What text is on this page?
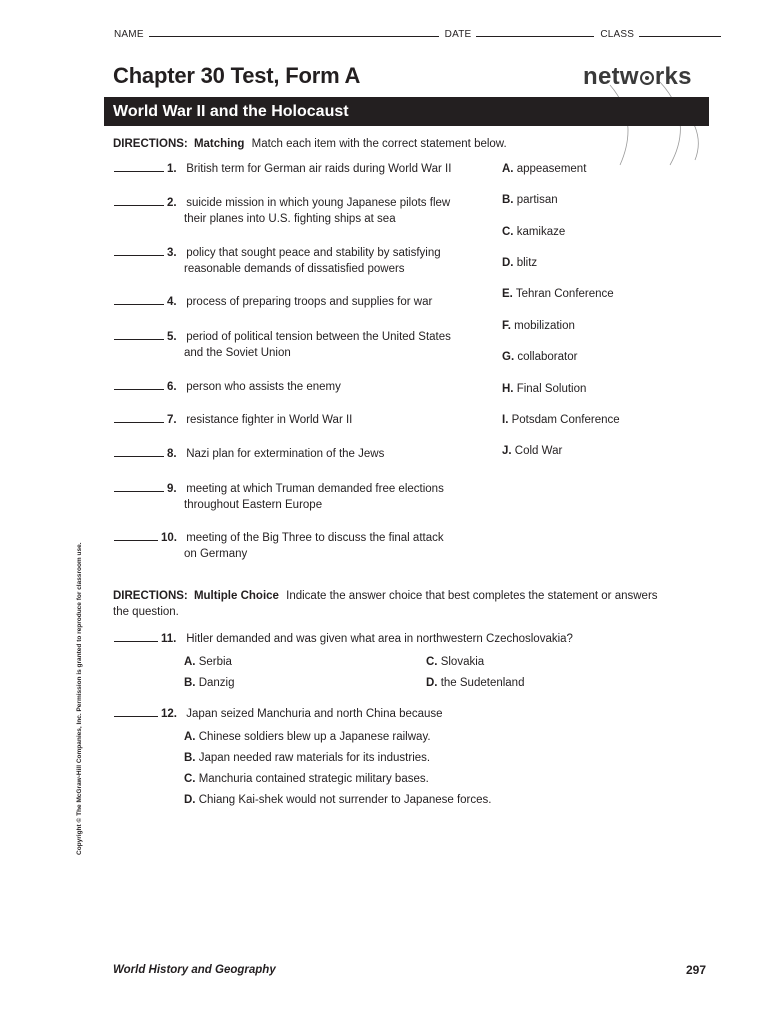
NAME	DATE	CLASS
Chapter 30 Test, Form A	netw rks
World War II and the Holocaust
DIRECTIONS: Matching Match each item with the correct statement below.
1. British term for German air raids during World War II
2. suicide mission in which young Japanese pilots flew
their planes into U.S. fighting ships at sea
3. policy that sought peace and stability by satisfying
reasonable demands of dissatisfied powers
4. process of preparing troops and supplies for war
5. period of political tension between the United States
and the Soviet Union
6. person who assists the enemy
7. resistance fighter in World War II
8. Nazi plan for extermination of the Jews
9. meeting at which Truman demanded free elections
throughout Eastern Europe
10. meeting of the Big Three to discuss the final attack
on Germany
A. appeasement
B. partisan
C. kamikaze
D. blitz
E. Tehran Conference
F. mobilization
G. collaborator
H. Final Solution
I. Potsdam Conference
J. Cold War
DIRECTIONS: Multiple Choice Indicate the answer choice that best completes the statement or answers
the question.
11. Hitler demanded and was given what area in northwestern Czechoslovakia?
A. Serbia
B. Danzig
C. Slovakia
D. the Sudetenland
12. Japan seized Manchuria and north China because
A. Chinese soldiers blew up a Japanese railway.
B. Japan needed raw materials for its industries.
C. Manchuria contained strategic military bases.
D. Chiang Kai-shek would not surrender to Japanese forces.
Copyright © The McGraw-Hill Companies, Inc. Permission is granted to reproduce for classroom use.
World History and Geography	297
